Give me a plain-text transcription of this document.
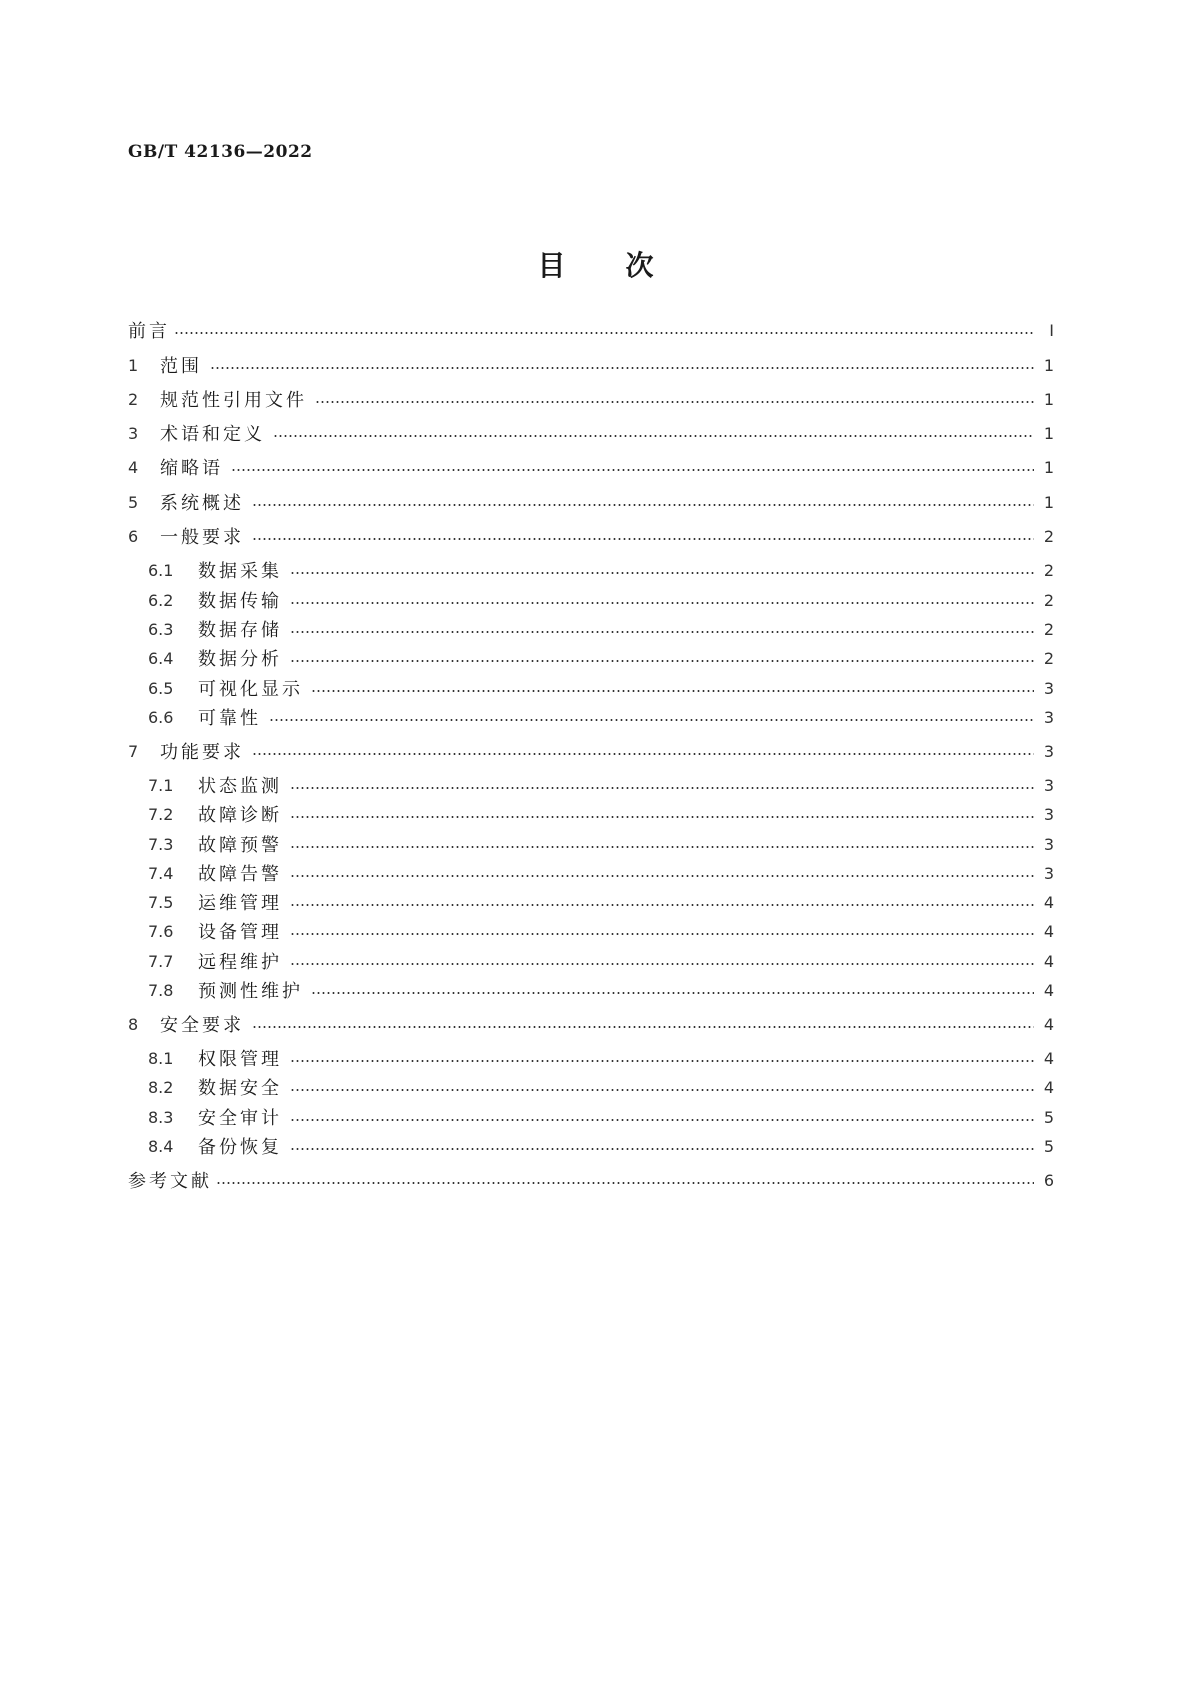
GB/T 42136—2022
目 次
前言	Ⅰ
1	范围	1
2	规范性引用文件	1
3	术语和定义	1
4	缩略语	1
5	系统概述	1
6	一般要求	2
6.1	数据采集	2
6.2	数据传输	2
6.3	数据存储	2
6.4	数据分析	2
6.5	可视化显示	3
6.6	可靠性	3
7	功能要求	3
7.1	状态监测	3
7.2	故障诊断	3
7.3	故障预警	3
7.4	故障告警	3
7.5	运维管理	4
7.6	设备管理	4
7.7	远程维护	4
7.8	预测性维护	4
8	安全要求	4
8.1	权限管理	4
8.2	数据安全	4
8.3	安全审计	5
8.4	备份恢复	5
参考文献	6
